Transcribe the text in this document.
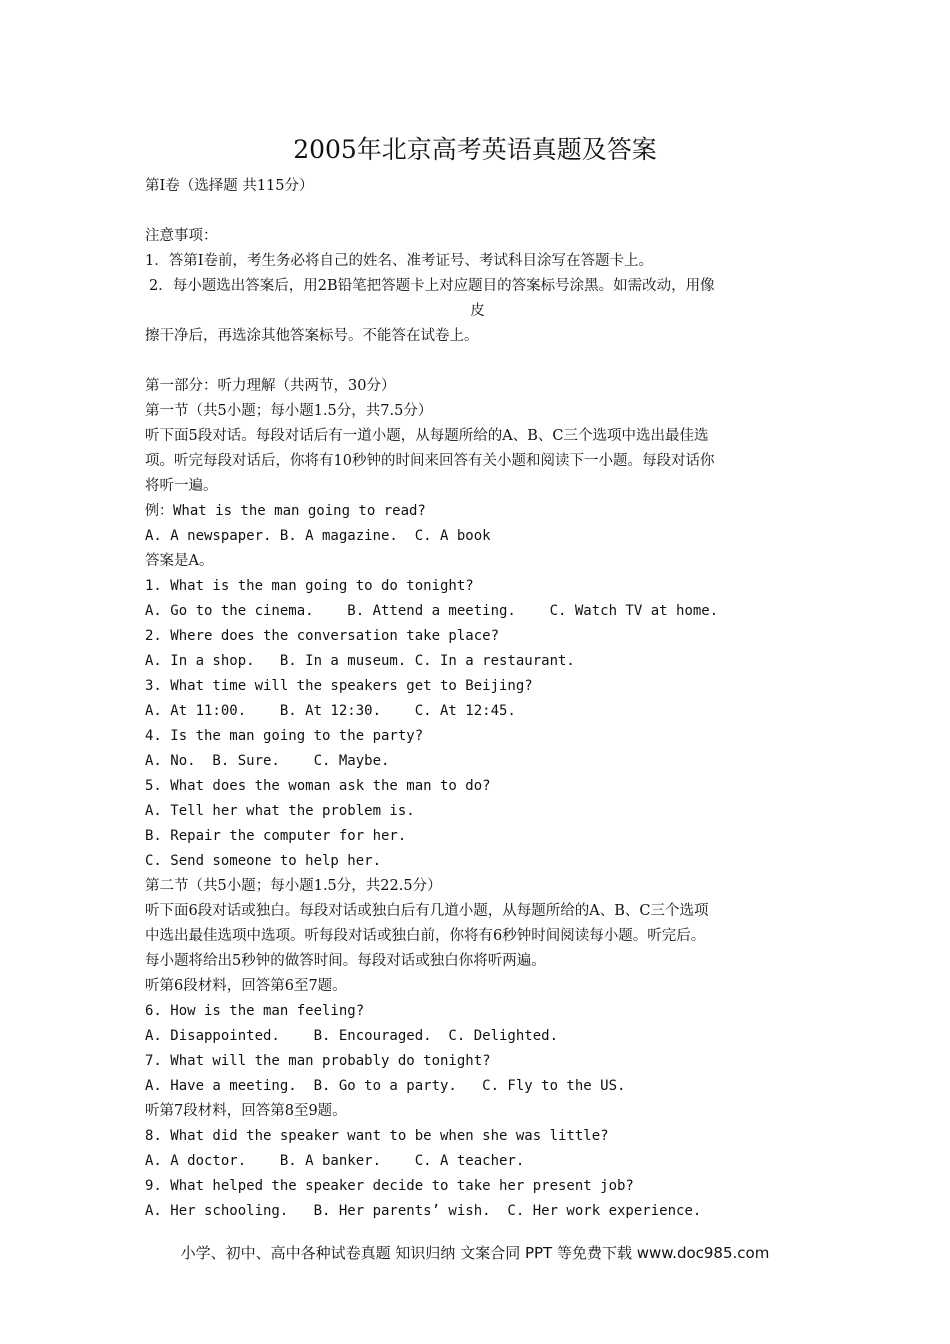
2005年北京高考英语真题及答案

第Ⅰ卷（选择题 共115分）

注意事项：

1．答第Ⅰ卷前，考生务必将自己的姓名、准考证号、考试科目涂写在答题卡上。

2．每小题选出答案后，用2B铅笔把答题卡上对应题目的答案标号涂黑。如需改动，用像

皮

擦干净后，再选涂其他答案标号。不能答在试卷上。

第一部分：听力理解（共两节，30分）

第一节（共5小题；每小题1.5分，共7.5分）

听下面5段对话。每段对话后有一道小题，从每题所给的A、B、C三个选项中选出最佳选

项。听完每段对话后，你将有10秒钟的时间来回答有关小题和阅读下一小题。每段对话你

将听一遍。

例：What is the man going to read?

A. A newspaper. B. A magazine.  C. A book

答案是A。

1. What is the man going to do tonight?

A. Go to the cinema.    B. Attend a meeting.    C. Watch TV at home.

2. Where does the conversation take place?

A. In a shop.   B. In a museum. C. In a restaurant.

3. What time will the speakers get to Beijing?

A. At 11:00.    B. At 12:30.    C. At 12:45.

4. Is the man going to the party?

A. No.  B. Sure.    C. Maybe.

5. What does the woman ask the man to do?

A. Tell her what the problem is.

B. Repair the computer for her.

C. Send someone to help her.

第二节（共5小题；每小题1.5分，共22.5分）

听下面6段对话或独白。每段对话或独白后有几道小题，从每题所给的A、B、C三个选项

中选出最佳选项中选项。听每段对话或独白前，你将有6秒钟时间阅读每小题。听完后。

每小题将给出5秒钟的做答时间。每段对话或独白你将听两遍。

听第6段材料，回答第6至7题。

6. How is the man feeling?

A. Disappointed.    B. Encouraged.  C. Delighted.

7. What will the man probably do tonight?

A. Have a meeting.  B. Go to a party.   C. Fly to the US.

听第7段材料，回答第8至9题。

8. What did the speaker want to be when she was little?

A. A doctor.    B. A banker.    C. A teacher.

9. What helped the speaker decide to take her present job?

A. Her schooling.   B. Her parents’ wish.  C. Her work experience.

小学、初中、高中各种试卷真题 知识归纳 文案合同 PPT 等免费下载 www.doc985.com
